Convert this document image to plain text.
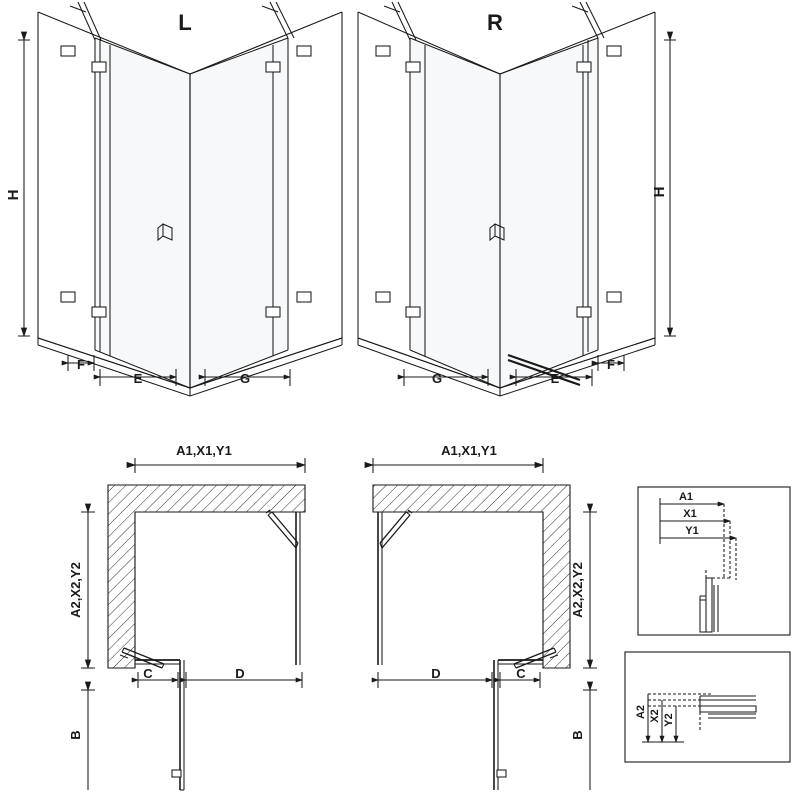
H
L
F
E	G
H
R
G	E
F
A1,X1,Y1
A2,X2,Y2
C	D
B
A1,X1,Y1
A2,X2,Y2
D	C
B
A1
X1
Y1
A2 X2 Y2
